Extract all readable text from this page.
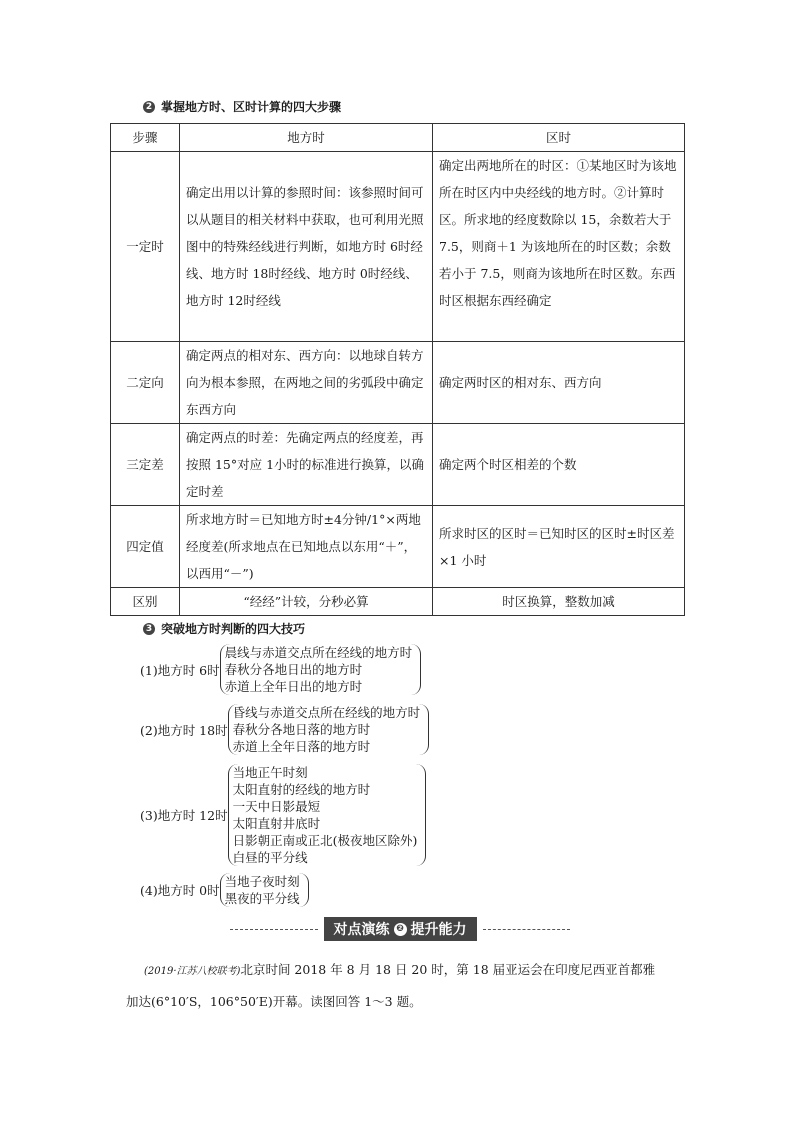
2 掌握地方时、区时计算的四大步骤
步骤	地方时	区时
一定时	确定出用以计算的参照时间：该参照时间可以从题目的相关材料中获取，也可利用光照图中的特殊经线进行判断，如地方时 6时经线、地方时 18时经线、地方时 0时经线、地方时 12时经线	确定出两地所在的时区：①某地区时为该地所在时区内中央经线的地方时。②计算时区。所求地的经度数除以 15，余数若大于 7.5，则商＋1 为该地所在的时区数；余数若小于 7.5，则商为该地所在时区数。东西时区根据东西经确定
二定向	确定两点的相对东、西方向：以地球自转方向为根本参照，在两地之间的劣弧段中确定东西方向	确定两时区的相对东、西方向
三定差	确定两点的时差：先确定两点的经度差，再按照 15°对应 1小时的标准进行换算，以确定时差	确定两个时区相差的个数
四定值	所求地方时＝已知地方时±4分钟/1°×两地经度差(所求地点在已知地点以东用“＋”，以西用“－”)	所求时区的区时＝已知时区的区时±时区差×1 小时
区别	“经经”计较，分秒必算	时区换算，整数加减
3 突破地方时判断的四大技巧
(1)地方时 6时
晨线与赤道交点所在经线的地方时
春秋分各地日出的地方时
赤道上全年日出的地方时
(2)地方时 18时
昏线与赤道交点所在经线的地方时
春秋分各地日落的地方时
赤道上全年日落的地方时
(3)地方时 12时
当地正午时刻
太阳直射的经线的地方时
一天中日影最短
太阳直射井底时
日影朝正南或正北(极夜地区除外)
白昼的平分线
(4)地方时 0时
当地子夜时刻
黑夜的平分线
对点演练 ❷ 提升能力
(2019·江苏八校联考)北京时间 2018 年 8 月 18 日 20 时，第 18 届亚运会在印度尼西亚首都雅加达(6°10′S，106°50′E)开幕。读图回答 1～3 题。
